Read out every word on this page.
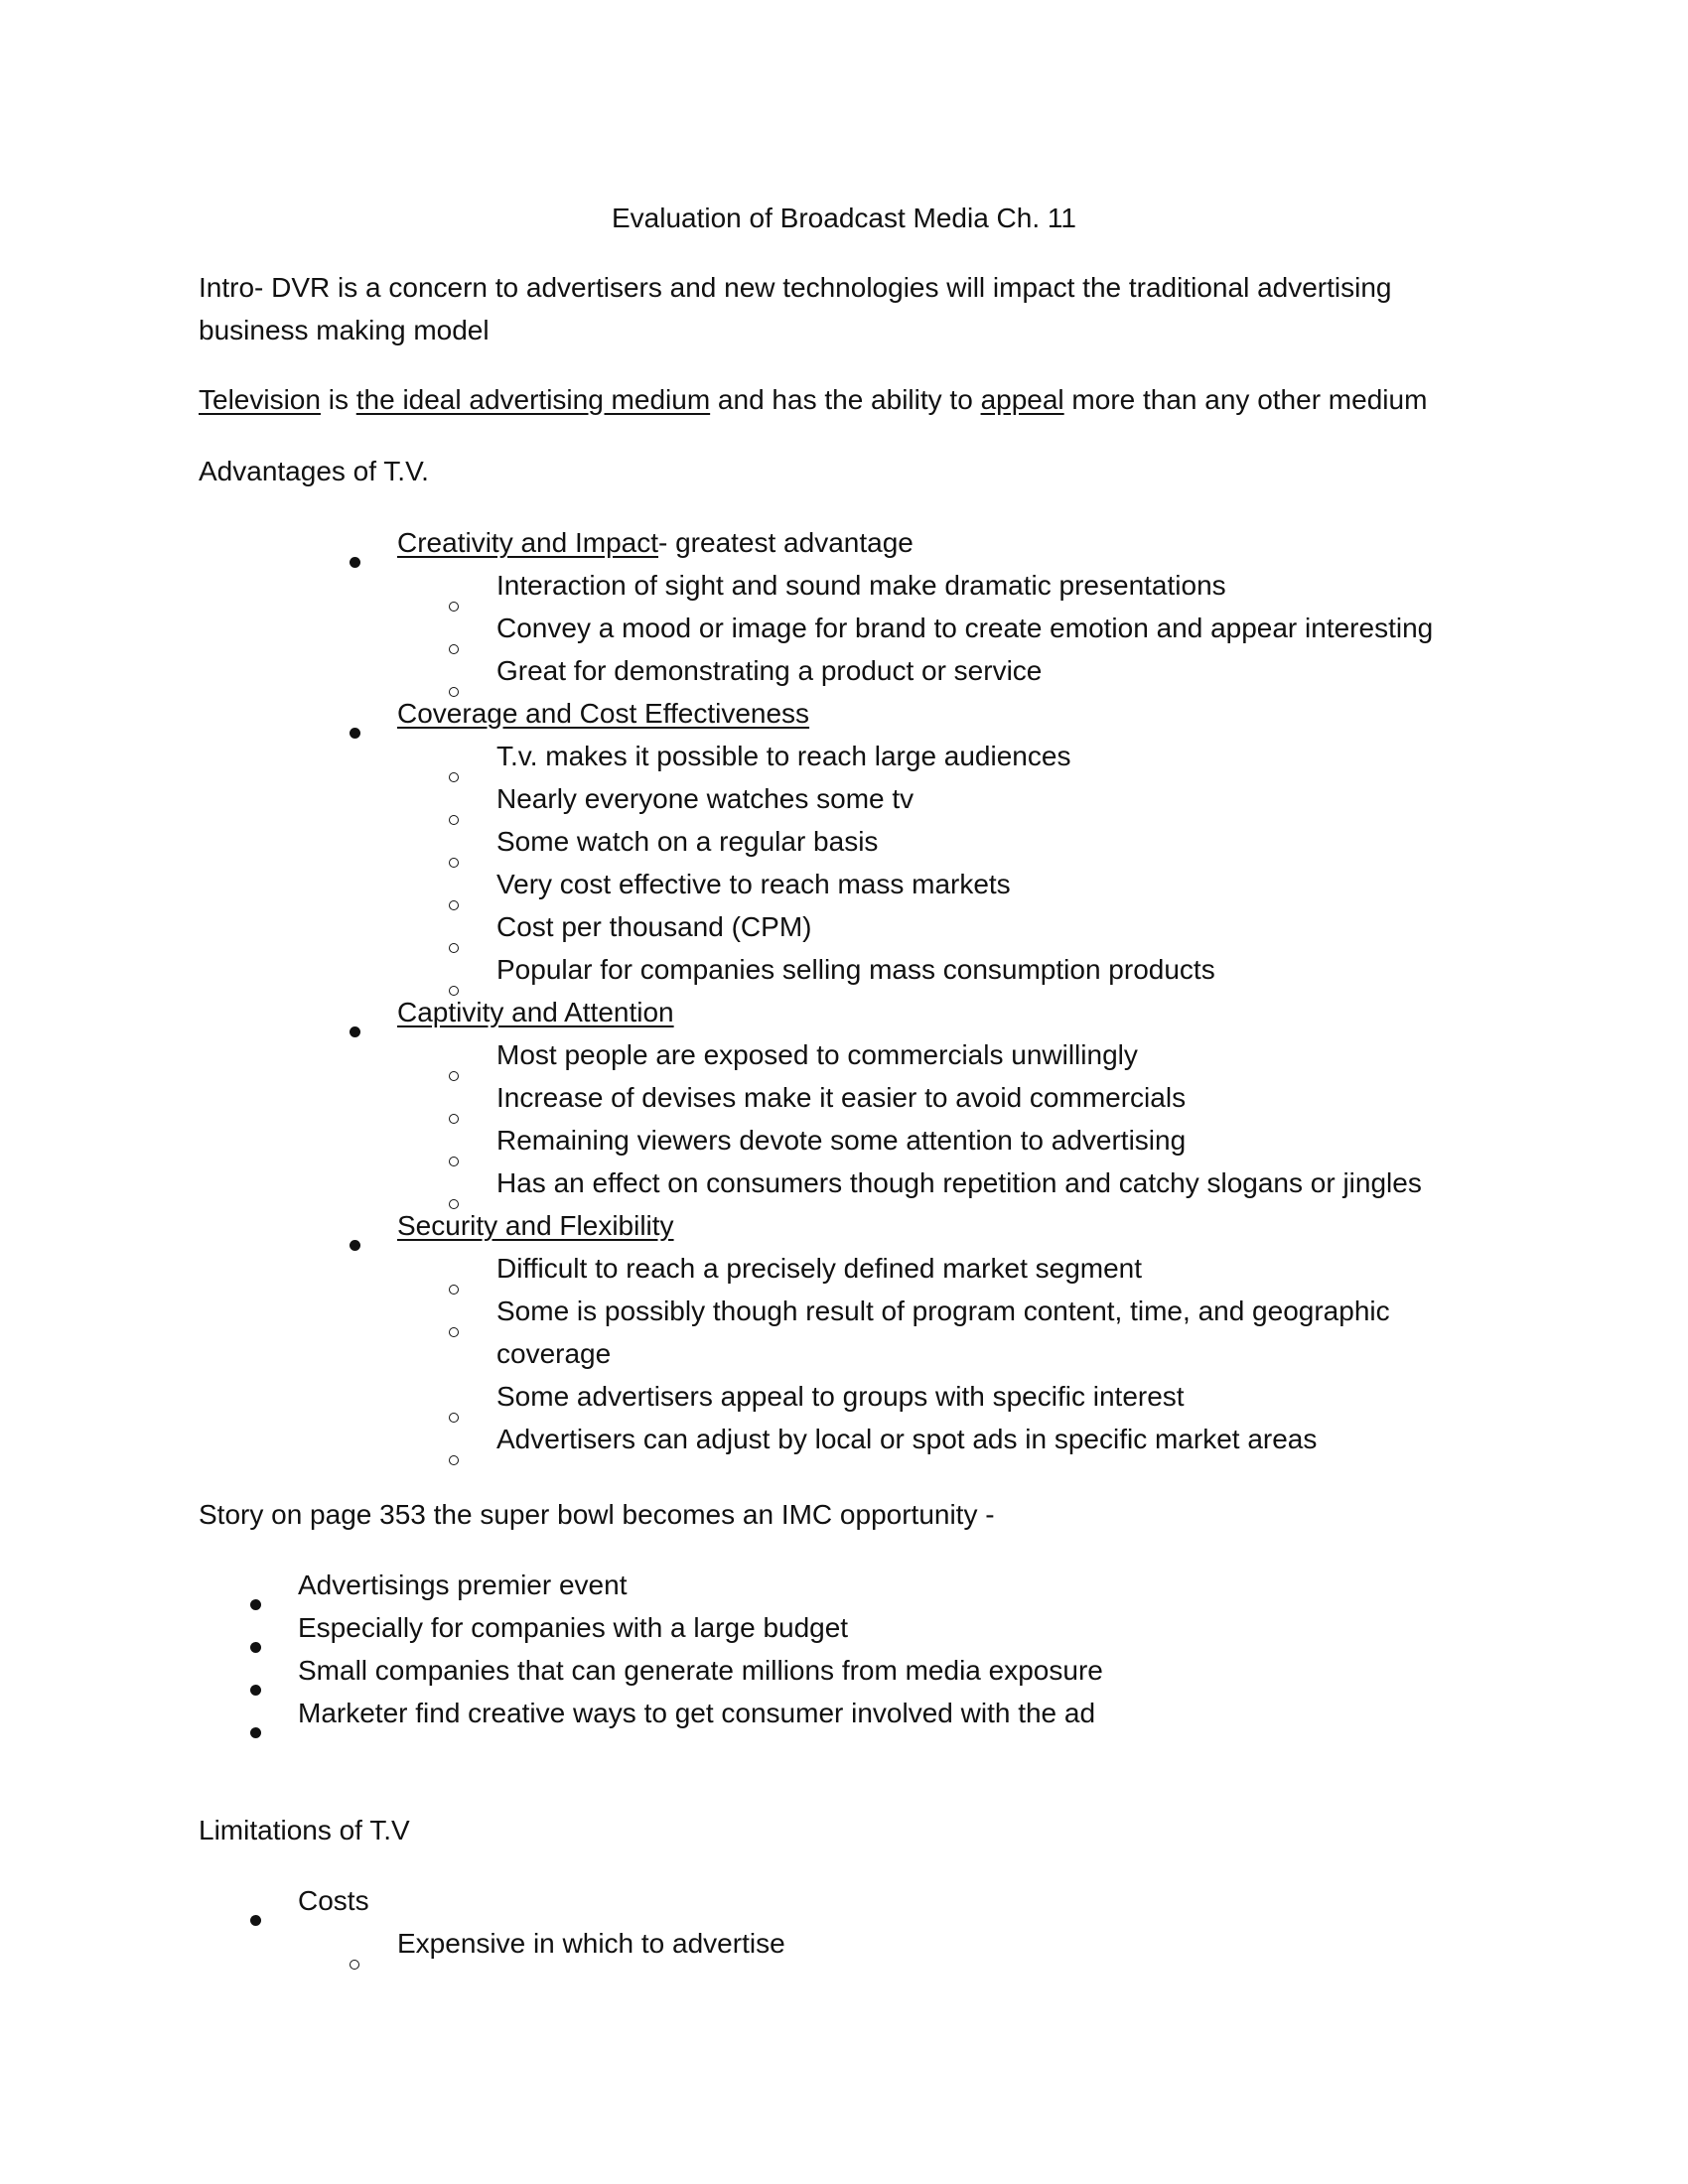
Evaluation of Broadcast Media Ch. 11
Intro- DVR is a concern to advertisers and new technologies will impact the traditional advertising business making model
Television is the ideal advertising medium and has the ability to appeal more than any other medium
Advantages of T.V.
Creativity and Impact- greatest advantage
Interaction of sight and sound make dramatic presentations
Convey a mood or image for brand to create emotion and appear interesting
Great for demonstrating a product or service
Coverage and Cost Effectiveness
T.v. makes it possible to reach large audiences
Nearly everyone watches some tv
Some watch on a regular basis
Very cost effective to reach mass markets
Cost per thousand (CPM)
Popular for companies selling mass consumption products
Captivity and Attention
Most people are exposed to commercials unwillingly
Increase of devises make it easier to avoid commercials
Remaining viewers devote some attention to advertising
Has an effect on consumers though repetition and catchy slogans or jingles
Security and Flexibility
Difficult to reach a precisely defined market segment
Some is possibly though result of program content, time, and geographic coverage
Some advertisers appeal to groups with specific interest
Advertisers can adjust by local or spot ads in specific market areas
Story on page 353 the super bowl becomes an IMC opportunity -
Advertisings premier event
Especially for companies with a large budget
Small companies that can generate millions from media exposure
Marketer find creative ways to get consumer involved with the ad
Limitations of T.V
Costs
Expensive in which to advertise
